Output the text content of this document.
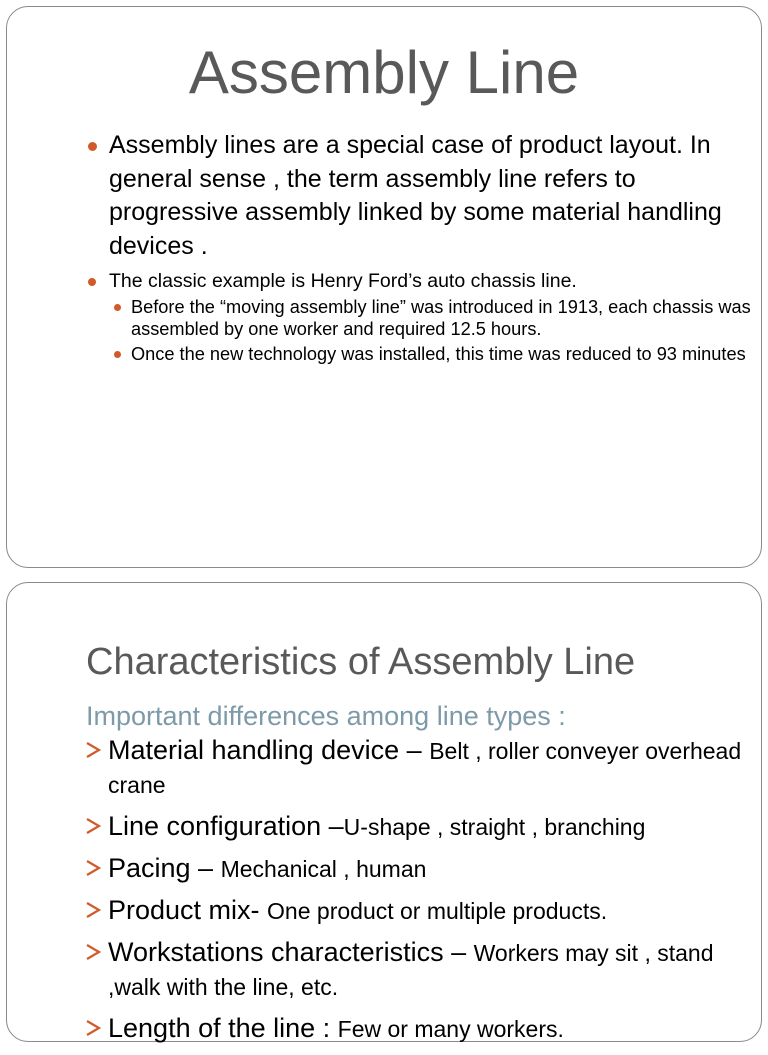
Assembly Line
Assembly lines are a special case of product layout. In general sense , the term assembly line refers to progressive assembly linked by some material handling devices .
The classic example is Henry Ford’s auto chassis line.
Before the “moving assembly line” was introduced in 1913, each chassis was assembled by one worker and required 12.5 hours.
Once the new technology was installed, this time was reduced to 93 minutes
Characteristics of Assembly Line
Important differences among line types :
Material handling device – Belt , roller conveyer overhead crane
Line configuration –U-shape , straight , branching
Pacing – Mechanical , human
Product mix- One product or multiple products.
Workstations characteristics – Workers may sit , stand ,walk with the line, etc.
Length of the line : Few or many workers.
